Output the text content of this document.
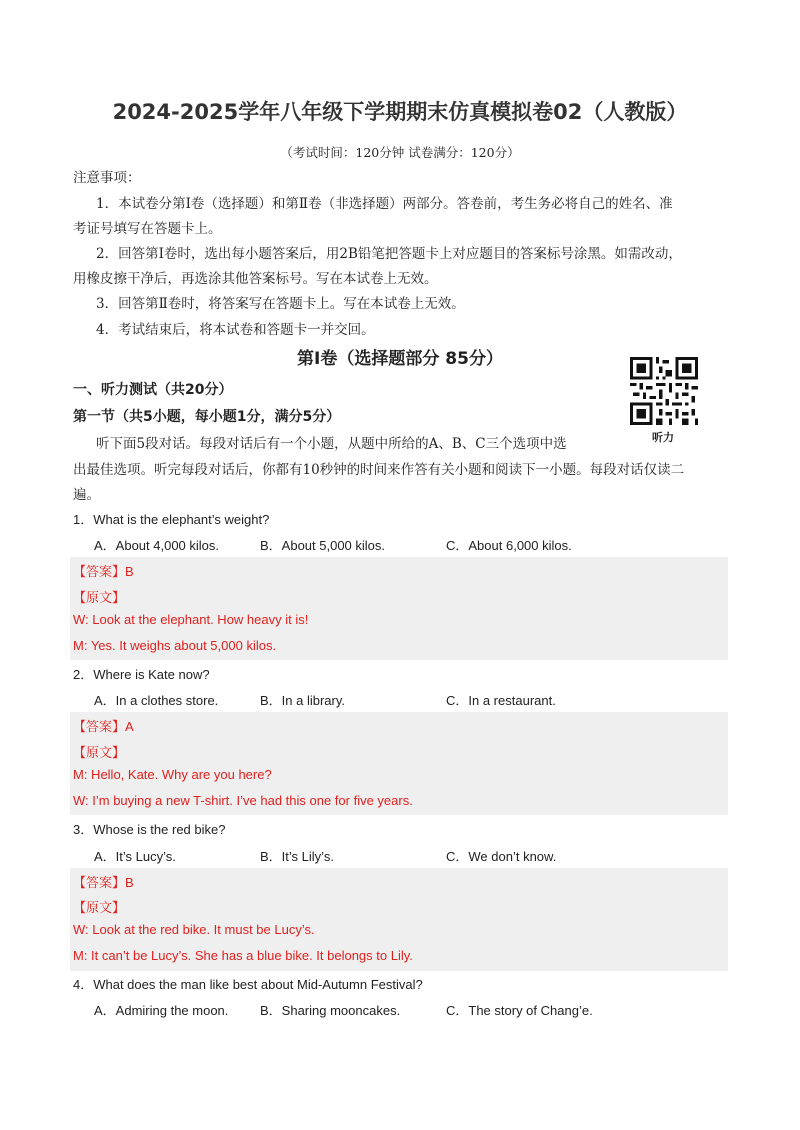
2024-2025学年八年级下学期期末仿真模拟卷02（人教版）
（考试时间：120分钟 试卷满分：120分）
注意事项：
1．本试卷分第Ⅰ卷（选择题）和第Ⅱ卷（非选择题）两部分。答卷前，考生务必将自己的姓名、准
考证号填写在答题卡上。
2．回答第Ⅰ卷时，选出每小题答案后，用2B铅笔把答题卡上对应题目的答案标号涂黑。如需改动，
用橡皮擦干净后，再选涂其他答案标号。写在本试卷上无效。
3．回答第Ⅱ卷时，将答案写在答题卡上。写在本试卷上无效。
4．考试结束后，将本试卷和答题卡一并交回。
第Ⅰ卷（选择题部分 85分）
一、听力测试（共20分）
第一节（共5小题，每小题1分，满分5分）
听力
听下面5段对话。每段对话后有一个小题，从题中所给的A、B、C三个选项中选
出最佳选项。听完每段对话后，你都有10秒钟的时间来作答有关小题和阅读下一小题。每段对话仅读二
遍。
1．What is the elephant’s weight?
A．About 4,000 kilos.	B．About 5,000 kilos.	C．About 6,000 kilos.
【答案】B
【原文】
W: Look at the elephant. How heavy it is!
M: Yes. It weighs about 5,000 kilos.
2．Where is Kate now?
A．In a clothes store.	B．In a library.	C．In a restaurant.
【答案】A
【原文】
M: Hello, Kate. Why are you here?
W: I’m buying a new T-shirt. I’ve had this one for five years.
3．Whose is the red bike?
A．It’s Lucy’s.	B．It’s Lily’s.	C．We don’t know.
【答案】B
【原文】
W: Look at the red bike. It must be Lucy’s.
M: It can’t be Lucy’s. She has a blue bike. It belongs to Lily.
4．What does the man like best about Mid-Autumn Festival?
A．Admiring the moon. B．Sharing mooncakes.	C．The story of Chang’e.
